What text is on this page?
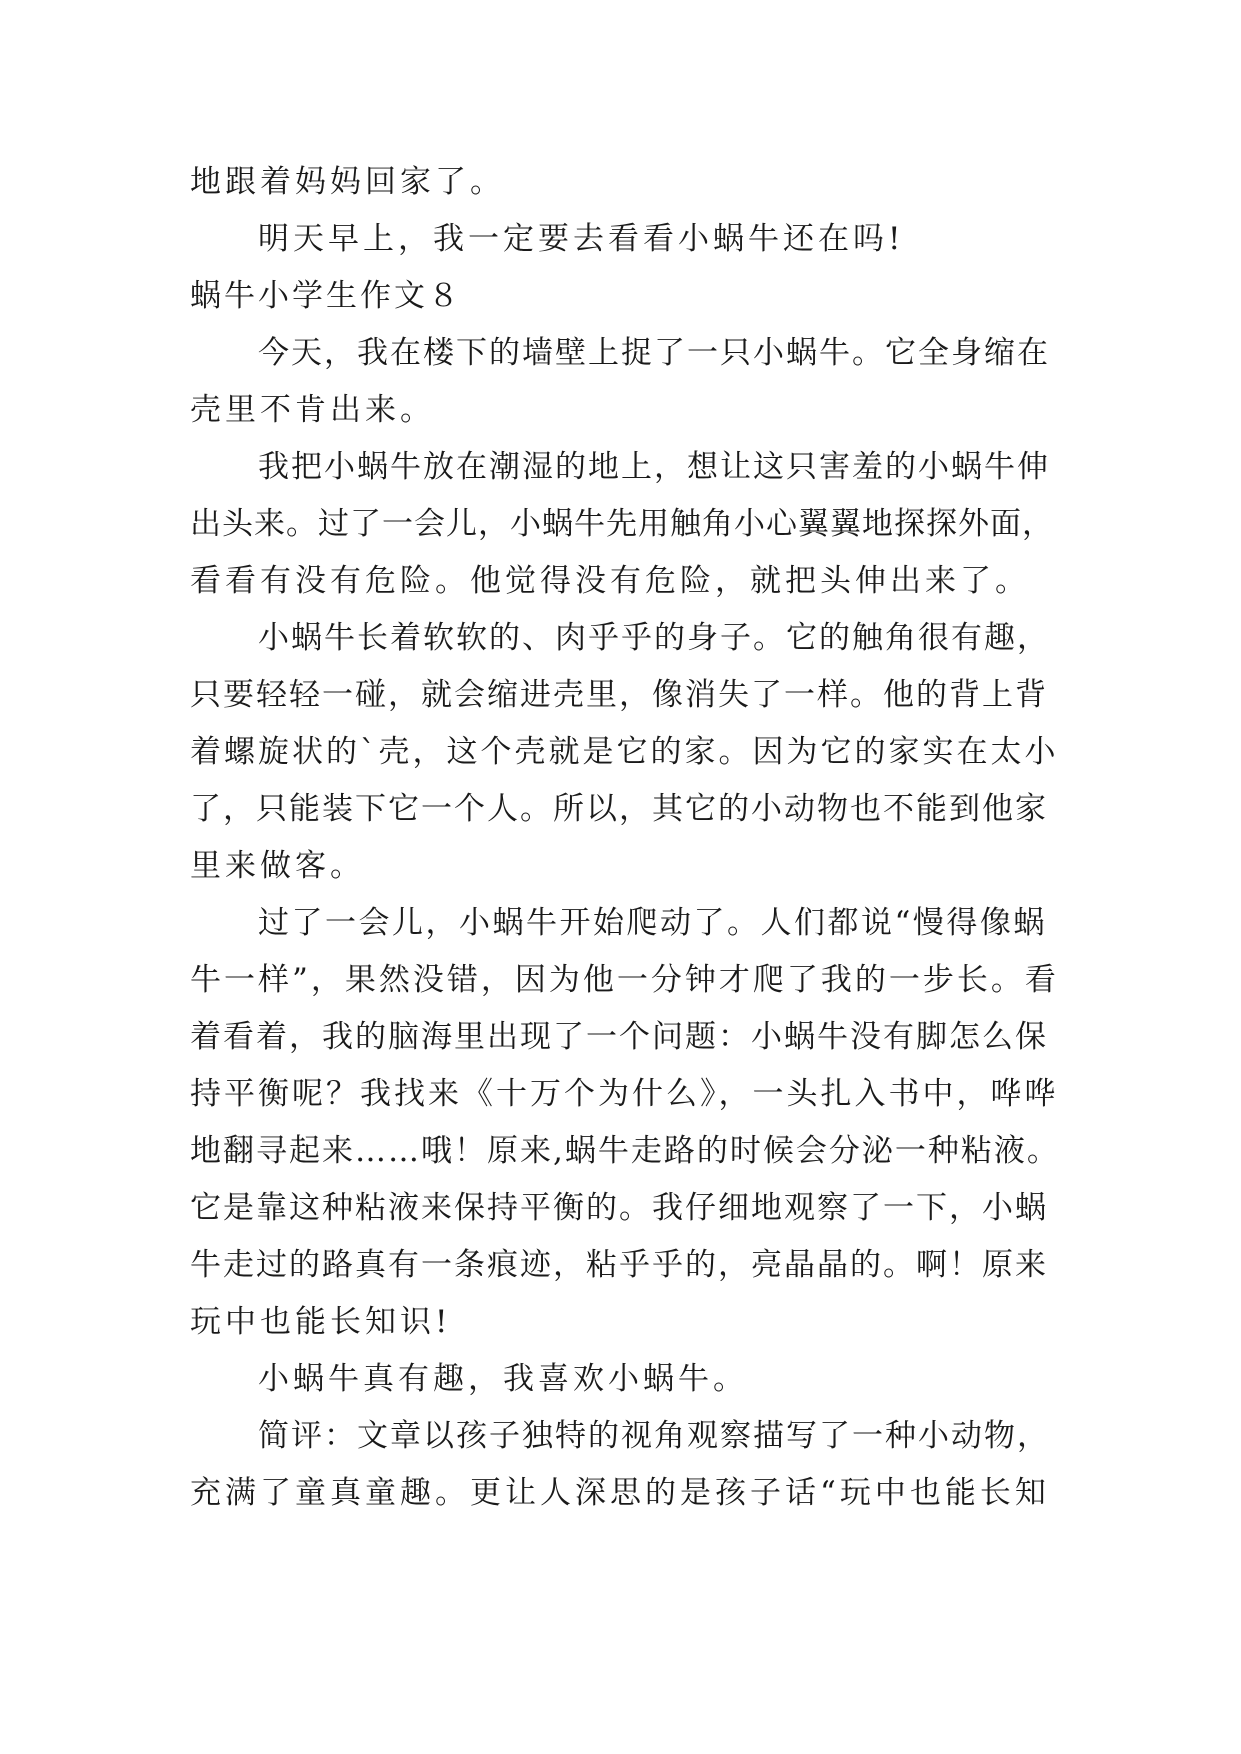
地跟着妈妈回家了。
明天早上，我一定要去看看小蜗牛还在吗!
蜗牛小学生作文８
今天，我在楼下的墙壁上捉了一只小蜗牛。它全身缩在
壳里不肯出来。
我把小蜗牛放在潮湿的地上，想让这只害羞的小蜗牛伸
出头来。过了一会儿，小蜗牛先用触角小心翼翼地探探外面，
看看有没有危险。他觉得没有危险，就把头伸出来了。
小蜗牛长着软软的、肉乎乎的身子。它的触角很有趣，
只要轻轻一碰，就会缩进壳里，像消失了一样。他的背上背
着螺旋状的`壳，这个壳就是它的家。因为它的家实在太小
了，只能装下它一个人。所以，其它的小动物也不能到他家
里来做客。
过了一会儿，小蜗牛开始爬动了。人们都说“慢得像蜗
牛一样”，果然没错，因为他一分钟才爬了我的一步长。看
着看着，我的脑海里出现了一个问题：小蜗牛没有脚怎么保
持平衡呢？我找来《十万个为什么》，一头扎入书中，哗哗
地翻寻起来……哦！原来,蜗牛走路的时候会分泌一种粘液。
它是靠这种粘液来保持平衡的。我仔细地观察了一下，小蜗
牛走过的路真有一条痕迹，粘乎乎的，亮晶晶的。啊！原来
玩中也能长知识!
小蜗牛真有趣，我喜欢小蜗牛。
简评：文章以孩子独特的视角观察描写了一种小动物，
充满了童真童趣。更让人深思的是孩子话“玩中也能长知
